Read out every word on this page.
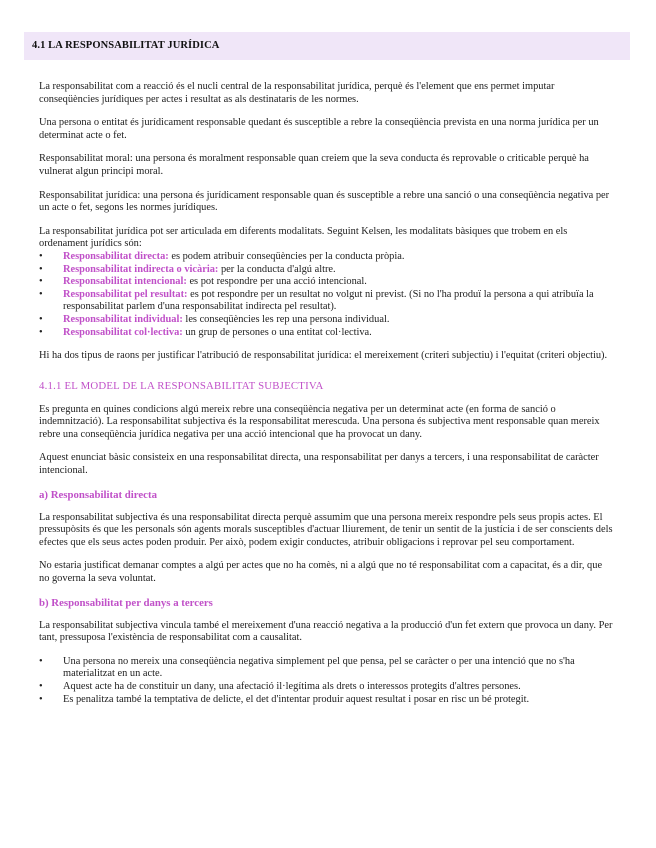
4.1 LA RESPONSABILITAT JURÍDICA

La responsabilitat com a reacció és el nucli central de la responsabilitat jurídica, perquè és l'element que ens permet imputar conseqüències jurídiques per actes i resultat as als destinataris de les normes.

Una persona o entitat és jurídicament responsable quedant és susceptible a rebre la conseqüència prevista en una norma jurídica per un determinat acte o fet.

Responsabilitat moral: una persona és moralment responsable quan creiem que la seva conducta és reprovable o criticable perquè ha vulnerat algun principi moral.

Responsabilitat jurídica: una persona és jurídicament responsable quan és susceptible a rebre una sanció o una conseqüència negativa per un acte o fet, segons les normes jurídiques.

La responsabilitat jurídica pot ser articulada em diferents modalitats. Seguint Kelsen, les modalitats bàsiques que trobem en els ordenament jurídics són:

• Responsabilitat directa: es podem atribuir conseqüències per la conducta pròpia.
• Responsabilitat indirecta o vicària: per la conducta d'algú altre.
• Responsabilitat intencional: es pot respondre per una acció intencional.
• Responsabilitat pel resultat: es pot respondre per un resultat no volgut ni previst. (Si no l'ha produï la persona a qui atribuïa la responsabilitat parlem d'una responsabilitat indirecta pel resultat).
• Responsabilitat individual: les conseqüències les rep una persona individual.
• Responsabilitat col·lectiva: un grup de persones o una entitat col·lectiva.

Hi ha dos tipus de raons per justificar l'atribució de responsabilitat jurídica: el mereixement (criteri subjectiu) i l'equitat (criteri objectiu).

4.1.1 EL MODEL DE LA RESPONSABILITAT SUBJECTIVA

Es pregunta en quines condicions algú mereix rebre una conseqüència negativa per un determinat acte (en forma de sanció o indemnització). La responsabilitat subjectiva és la responsabilitat merescuda. Una persona és subjectiva ment responsable quan mereix rebre una conseqüència jurídica negativa per una acció intencional que ha provocat un dany.

Aquest enunciat bàsic consisteix en una responsabilitat directa, una responsabilitat per danys a tercers, i una responsabilitat de caràcter intencional.

a) Responsabilitat directa

La responsabilitat subjectiva és una responsabilitat directa perquè assumim que una persona mereix respondre pels seus propis actes. El pressupòsits és que les personals són agents morals susceptibles d'actuar lliurement, de tenir un sentit de la justícia i de ser conscients dels efectes que els seus actes poden produir. Per això, podem exigir conductes, atribuir obligacions i reprovar pel seu comportament.

No estaria justificat demanar comptes a algú per actes que no ha comès, ni a algú que no té responsabilitat com a capacitat, és a dir, que no governa la seva voluntat.

b) Responsabilitat per danys a tercers

La responsabilitat subjectiva vincula també el mereixement d'una reacció negativa a la producció d'un fet extern que provoca un dany. Per tant, pressuposa l'existència de responsabilitat com a causalitat.

• Una persona no mereix una conseqüència negativa simplement pel que pensa, pel se caràcter o per una intenció que no s'ha materialitzat en un acte.
• Aquest acte ha de constituir un dany, una afectació il·legítima als drets o interessos protegits d'altres persones.
• Es penalitza també la temptativa de delicte, el det d'intentar produir aquest resultat i posar en risc un bé protegit.
